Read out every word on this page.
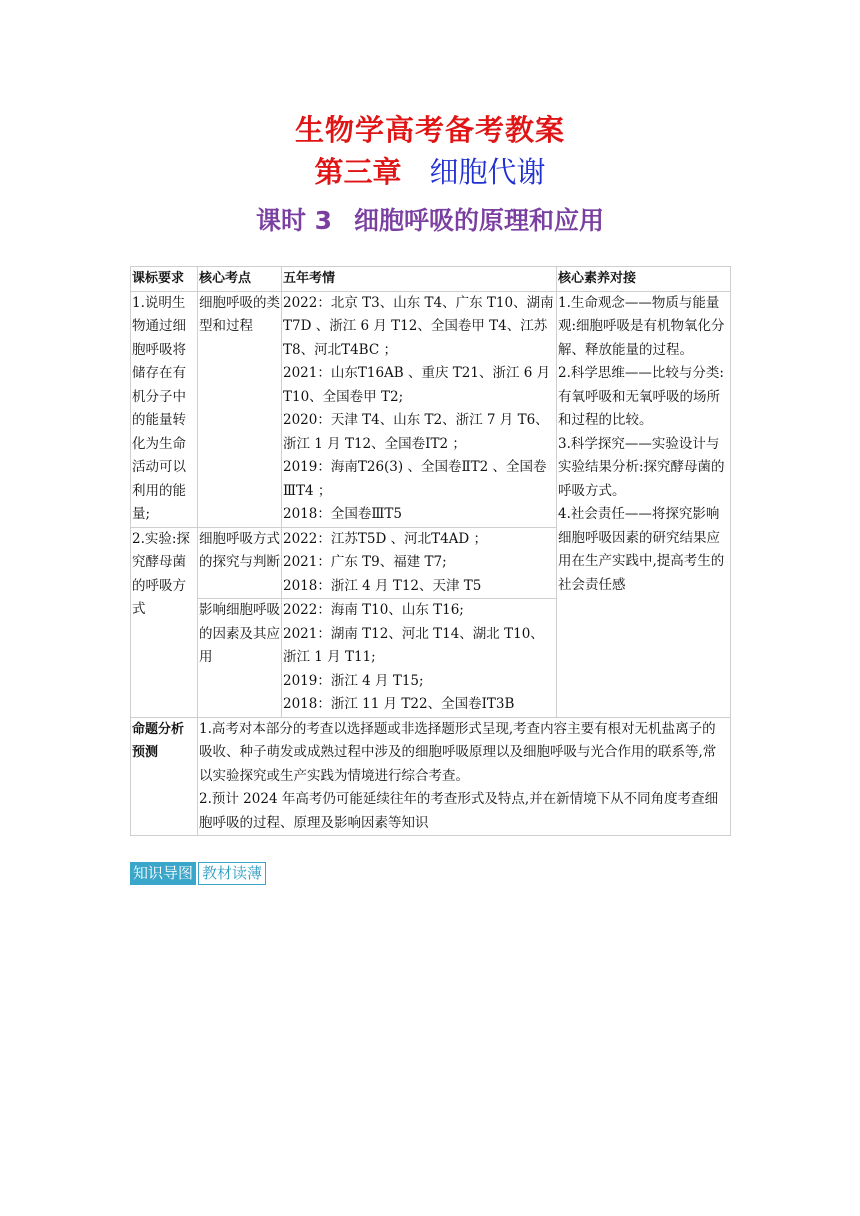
生物学高考备考教案
第三章 细胞代谢
课时 3 细胞呼吸的原理和应用
课标要求	核心考点	五年考情	核心素养对接
1.说明生物通过细胞呼吸将储存在有机分子中的能量转化为生命活动可以利用的能量;	细胞呼吸的类型和过程	2022：北京 T3、山东 T4、广东 T10、湖南T7D 、浙江 6 月 T12、全国卷甲 T4、江苏 T8、河北T4BC ；
2021：山东T16AB 、重庆 T21、浙江 6 月 T10、全国卷甲 T2;
2020：天津 T4、山东 T2、浙江 7 月 T6、浙江 1 月 T12、全国卷ⅠT2 ；
2019：海南T26(3) 、全国卷ⅡT2 、全国卷ⅢT4 ；
2018：全国卷ⅢT5	1.生命观念——物质与能量观:细胞呼吸是有机物氧化分解、释放能量的过程。
2.科学思维——比较与分类:有氧呼吸和无氧呼吸的场所和过程的比较。
3.科学探究——实验设计与实验结果分析:探究酵母菌的呼吸方式。
4.社会责任——将探究影响细胞呼吸因素的研究结果应用在生产实践中,提高考生的社会责任感

2.实验:探究酵母菌的呼吸方式	细胞呼吸方式的探究与判断	2022：江苏T5D 、河北T4AD ；
2021：广东 T9、福建 T7;
2018：浙江 4 月 T12、天津 T5	

	影响细胞呼吸的因素及其应用	2022：海南 T10、山东 T16;
2021：湖南 T12、河北 T14、湖北 T10、浙江 1 月 T11;
2019：浙江 4 月 T15;
2018：浙江 11 月 T22、全国卷ⅠT3B	

命题分析预测	1.高考对本部分的考查以选择题或非选择题形式呈现,考查内容主要有根对无机盐离子的吸收、种子萌发或成熟过程中涉及的细胞呼吸原理以及细胞呼吸与光合作用的联系等,常以实验探究或生产实践为情境进行综合考查。
2.预计 2024 年高考仍可能延续往年的考查形式及特点,并在新情境下从不同角度考查细胞呼吸的过程、原理及影响因素等知识		
知识导图 教材读薄
